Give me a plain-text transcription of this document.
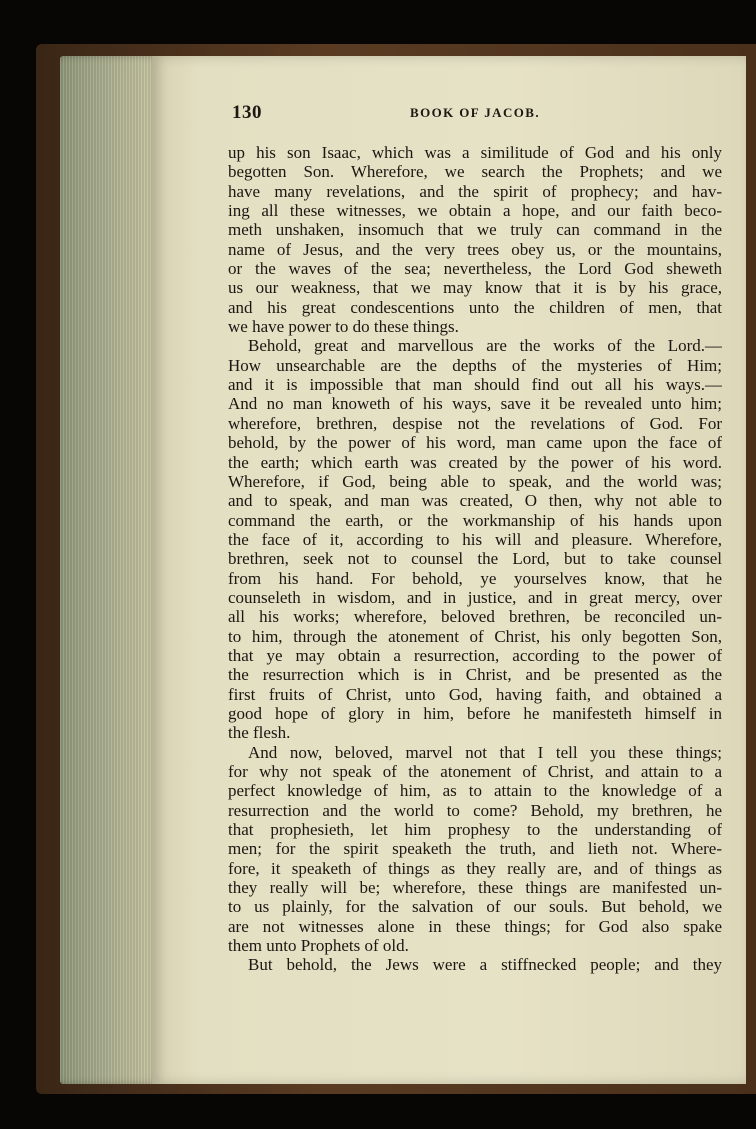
130	BOOK OF JACOB.
up his son Isaac, which was a similitude of God and his only
begotten Son. Wherefore, we search the Prophets; and we
have many revelations, and the spirit of prophecy; and hav-
ing all these witnesses, we obtain a hope, and our faith beco-
meth unshaken, insomuch that we truly can command in the
name of Jesus, and the very trees obey us, or the mountains,
or the waves of the sea; nevertheless, the Lord God sheweth
us our weakness, that we may know that it is by his grace,
and his great condescentions unto the children of men, that
we have power to do these things.
Behold, great and marvellous are the works of the Lord.—
How unsearchable are the depths of the mysteries of Him;
and it is impossible that man should find out all his ways.—
And no man knoweth of his ways, save it be revealed unto him;
wherefore, brethren, despise not the revelations of God. For
behold, by the power of his word, man came upon the face of
the earth; which earth was created by the power of his word.
Wherefore, if God, being able to speak, and the world was;
and to speak, and man was created, O then, why not able to
command the earth, or the workmanship of his hands upon
the face of it, according to his will and pleasure. Wherefore,
brethren, seek not to counsel the Lord, but to take counsel
from his hand. For behold, ye yourselves know, that he
counseleth in wisdom, and in justice, and in great mercy, over
all his works; wherefore, beloved brethren, be reconciled un-
to him, through the atonement of Christ, his only begotten Son,
that ye may obtain a resurrection, according to the power of
the resurrection which is in Christ, and be presented as the
first fruits of Christ, unto God, having faith, and obtained a
good hope of glory in him, before he manifesteth himself in
the flesh.
And now, beloved, marvel not that I tell you these things;
for why not speak of the atonement of Christ, and attain to a
perfect knowledge of him, as to attain to the knowledge of a
resurrection and the world to come? Behold, my brethren, he
that prophesieth, let him prophesy to the understanding of
men; for the spirit speaketh the truth, and lieth not. Where-
fore, it speaketh of things as they really are, and of things as
they really will be; wherefore, these things are manifested un-
to us plainly, for the salvation of our souls. But behold, we
are not witnesses alone in these things; for God also spake
them unto Prophets of old.
But behold, the Jews were a stiffnecked people; and they
